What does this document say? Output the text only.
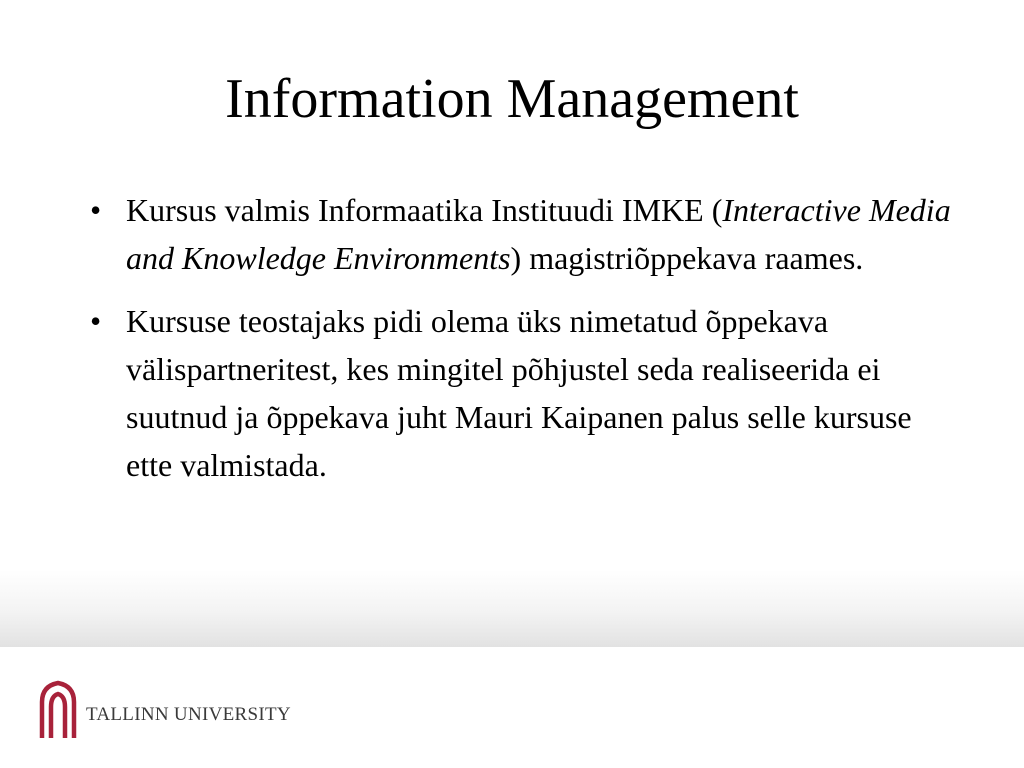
Information Management
• Kursus valmis Informaatika Instituudi IMKE (Interactive Media and Knowledge Environments) magistriõppekava raames.
• Kursuse teostajaks pidi olema üks nimetatud õppekava välispartneritest, kes mingitel põhjustel seda realiseerida ei suutnud ja õppekava juht Mauri Kaipanen palus selle kursuse ette valmistada.
TALLINN UNIVERSITY
